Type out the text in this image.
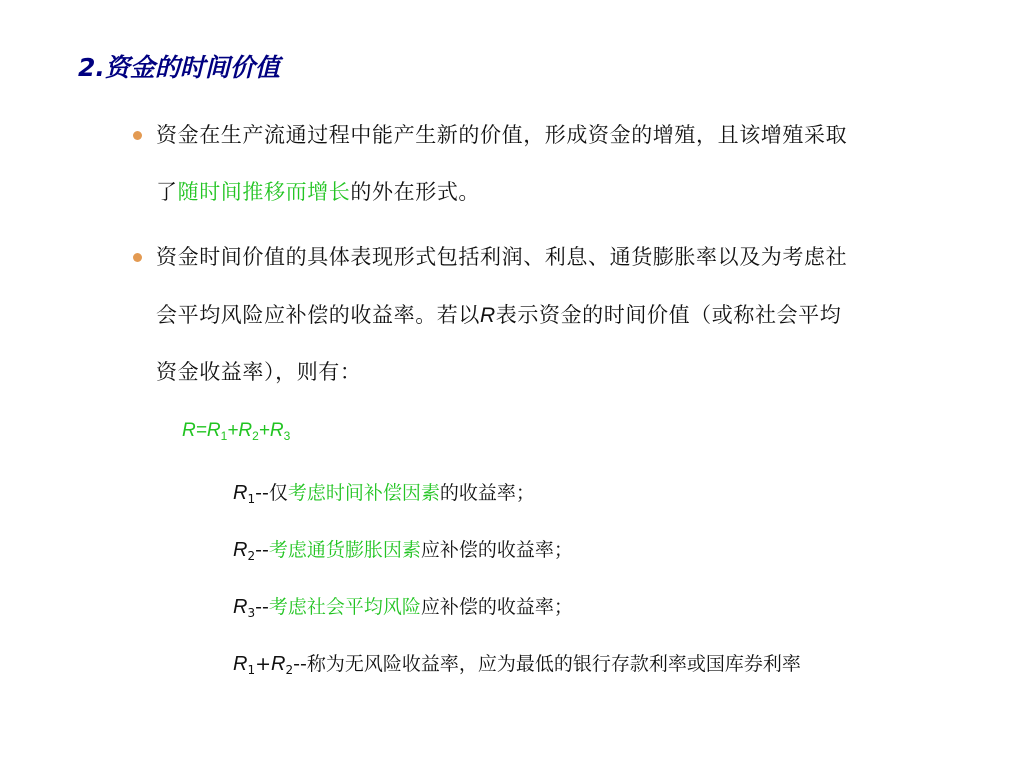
2.资金的时间价值
资金在生产流通过程中能产生新的价值，形成资金的增殖，且该增殖采取
了随时间推移而增长的外在形式。
资金时间价值的具体表现形式包括利润、利息、通货膨胀率以及为考虑社
会平均风险应补偿的收益率。若以R表示资金的时间价值（或称社会平均
资金收益率），则有：
$R=R_1+R_2+R_3$
$R_1--$仅考虑时间补偿因素的收益率；
$R_2--$考虑通货膨胀因素应补偿的收益率；
$R_3--$考虑社会平均风险应补偿的收益率；
$R_1+R_2--$称为无风险收益率，应为最低的银行存款利率或国库券利率
